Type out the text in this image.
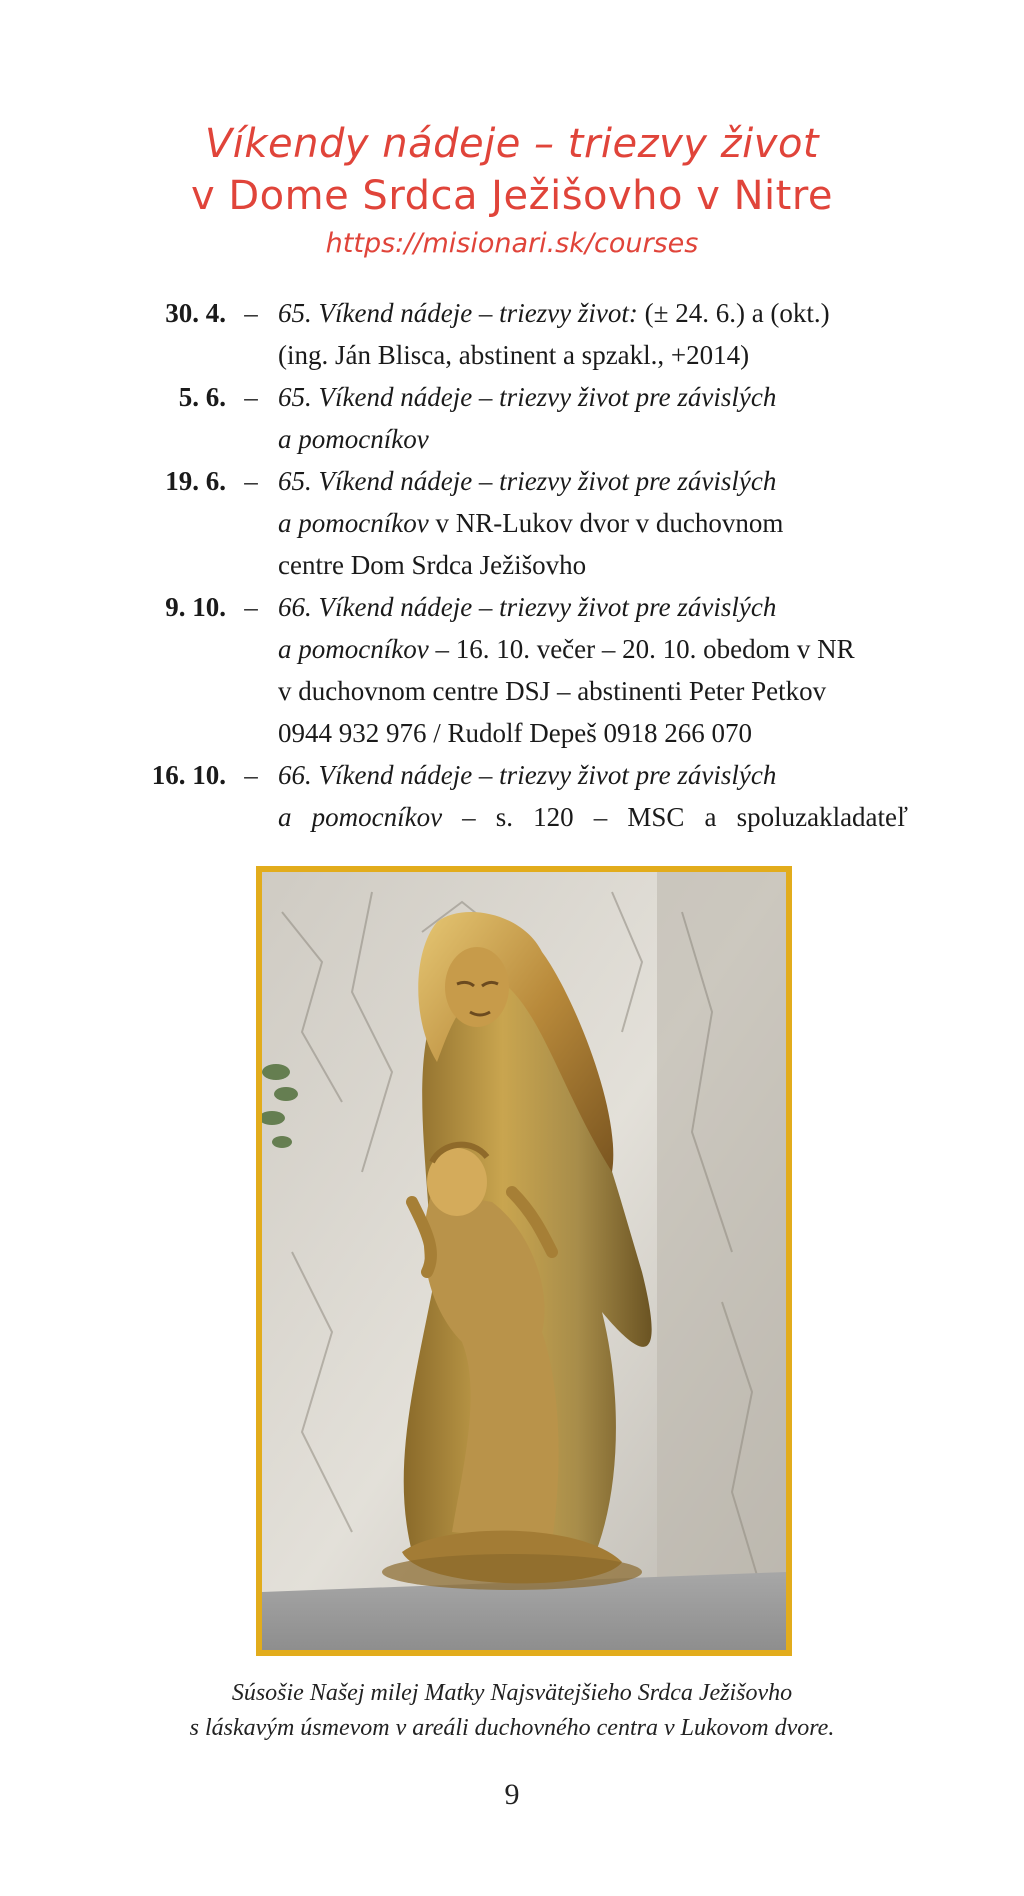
Víkendy nádeje – triezvy život
v Dome Srdca Ježišovho v Nitre
https://misionari.sk/courses
30. 4. – 65. Víkend nádeje – triezvy život: (± 24. 6.) a (okt.)
(ing. Ján Blisca, abstinent a spzakl., +2014)
5. 6. – 65. Víkend nádeje – triezvy život pre závislých
a pomocníkov
19. 6. – 65. Víkend nádeje – triezvy život pre závislých
a pomocníkov v NR-Lukov dvor v duchovnom
centre Dom Srdca Ježišovho
9. 10. – 66. Víkend nádeje – triezvy život pre závislých
a pomocníkov – 16. 10. večer – 20. 10. obedom v NR
v duchovnom centre DSJ – abstinenti Peter Petkov
0944 932 976 / Rudolf Depeš 0918 266 070
16. 10. – 66. Víkend nádeje – triezvy život pre závislých
a pomocníkov – s. 120 – MSC a spoluzakladateľ
Súsošie Našej milej Matky Najsvätejšieho Srdca Ježišovho
s láskavým úsmevom v areáli duchovného centra v Lukovom dvore.
9
